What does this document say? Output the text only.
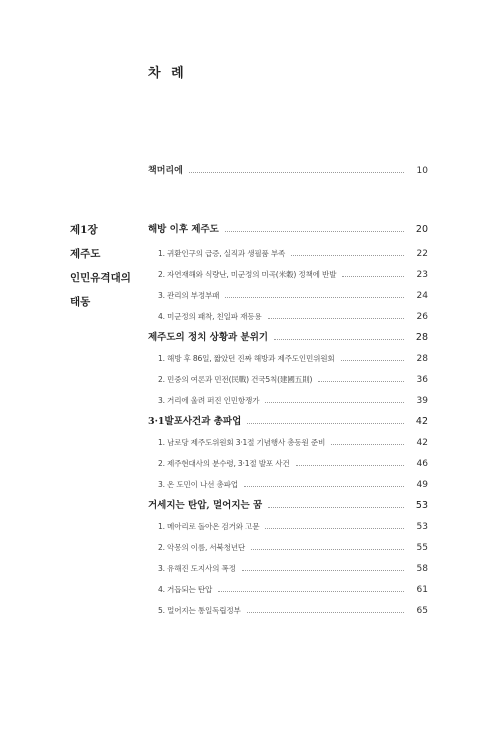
차 례
책머리에	10
제1장
제주도
인민유격대의
태동
해방 이후 제주도	20
1. 귀환인구의 급증, 실직과 생필품 부족	22
2. 자연재해와 식량난, 미군정의 미곡(米穀) 정책에 반발	23
3. 관리의 부정부패	24
4. 미군정의 패착, 친일파 재등용	26
제주도의 정치 상황과 분위기	28
1. 해방 후 86일, 짧았던 진짜 해방과 제주도인민위원회	28
2. 민중의 여론과 민전(民戰) 건국5칙(建國五則)	36
3. 거리에 울려 퍼진 인민항쟁가	39
3·1발포사건과 총파업	42
1. 남로당 제주도위원회 3·1절 기념행사 총동원 준비	42
2. 제주현대사의 분수령, 3·1절 발포 사건	46
3. 온 도민이 나선 총파업	49
거세지는 탄압, 멀어지는 꿈	53
1. 메아리로 돌아온 검거와 고문	53
2. 악몽의 이름, 서북청년단	55
3. 유해진 도지사의 폭정	58
4. 거듭되는 탄압	61
5. 멀어지는 통일독립정부	65
